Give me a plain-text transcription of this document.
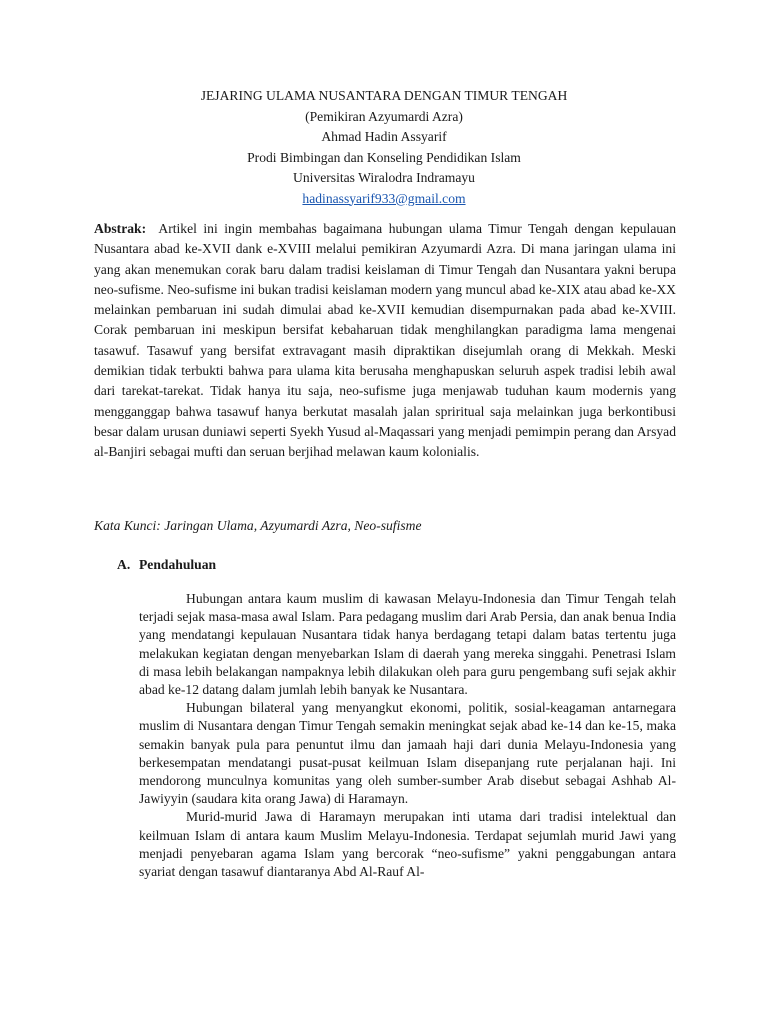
JEJARING ULAMA NUSANTARA DENGAN TIMUR TENGAH
(Pemikiran Azyumardi Azra)
Ahmad Hadin Assyarif
Prodi Bimbingan dan Konseling Pendidikan Islam
Universitas Wiralodra Indramayu
hadinassyarif933@gmail.com

Abstrak: Artikel ini ingin membahas bagaimana hubungan ulama Timur Tengah dengan kepulauan Nusantara abad ke-XVII dank e-XVIII melalui pemikiran Azyumardi Azra. Di mana jaringan ulama ini yang akan menemukan corak baru dalam tradisi keislaman di Timur Tengah dan Nusantara yakni berupa neo-sufisme. Neo-sufisme ini bukan tradisi keislaman modern yang muncul abad ke-XIX atau abad ke-XX melainkan pembaruan ini sudah dimulai abad ke-XVII kemudian disempurnakan pada abad ke-XVIII. Corak pembaruan ini meskipun bersifat kebaharuan tidak menghilangkan paradigma lama mengenai tasawuf. Tasawuf yang bersifat extravagant masih dipraktikan disejumlah orang di Mekkah. Meski demikian tidak terbukti bahwa para ulama kita berusaha menghapuskan seluruh aspek tradisi lebih awal dari tarekat-tarekat. Tidak hanya itu saja, neo-sufisme juga menjawab tuduhan kaum modernis yang mengganggap bahwa tasawuf hanya berkutat masalah jalan sprіritual saja melainkan juga berkontibusi besar dalam urusan duniawi seperti Syekh Yusud al-Maqassari yang menjadi pemimpin perang dan Arsyad al-Banjiri sebagai mufti dan seruan berjihad melawan kaum kolonialis.

Kata Kunci: Jaringan Ulama, Azyumardi Azra, Neo-sufisme

A. Pendahuluan

Hubungan antara kaum muslim di kawasan Melayu-Indonesia dan Timur Tengah telah terjadi sejak masa-masa awal Islam. Para pedagang muslim dari Arab Persia, dan anak benua India yang mendatangi kepulauan Nusantara tidak hanya berdagang tetapi dalam batas tertentu juga melakukan kegiatan dengan menyebarkan Islam di daerah yang mereka singgahi. Penetrasi Islam di masa lebih belakangan nampaknya lebih dilakukan oleh para guru pengembang sufi sejak akhir abad ke-12 datang dalam jumlah lebih banyak ke Nusantara.

Hubungan bilateral yang menyangkut ekonomi, politik, sosial-keagaman antarnegara muslim di Nusantara dengan Timur Tengah semakin meningkat sejak abad ke-14 dan ke-15, maka semakin banyak pula para penuntut ilmu dan jamaah haji dari dunia Melayu-Indonesia yang berkesempatan mendatangi pusat-pusat keilmuan Islam disepanjang rute perjalanan haji. Ini mendorong munculnya komunitas yang oleh sumber-sumber Arab disebut sebagai Ashhab Al-Jawiyyin (saudara kita orang Jawa) di Haramayn.

Murid-murid Jawa di Haramayn merupakan inti utama dari tradisi intelektual dan keilmuan Islam di antara kaum Muslim Melayu-Indonesia. Terdapat sejumlah murid Jawi yang menjadi penyebaran agama Islam yang bercorak “neo-sufisme” yakni penggabungan antara syariat dengan tasawuf diantaranya Abd Al-Rauf Al-
